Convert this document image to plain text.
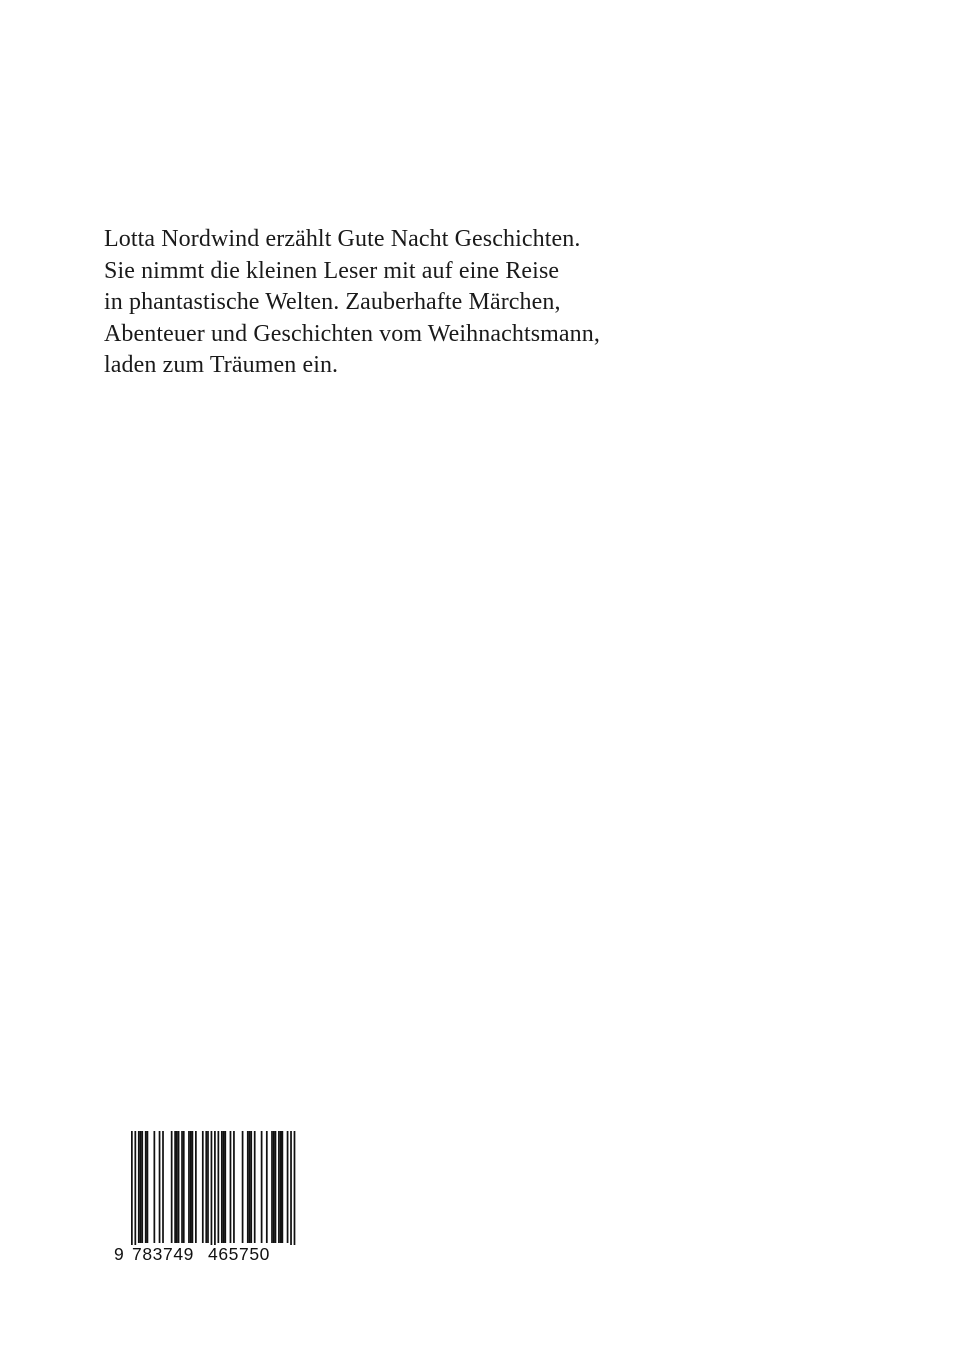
Lotta Nordwind erzählt Gute Nacht Geschichten.
Sie nimmt die kleinen Leser mit auf eine Reise
in phantastische Welten. Zauberhafte Märchen,
Abenteuer und Geschichten vom Weihnachtsmann,
laden zum Träumen ein.
9 783749 465750
